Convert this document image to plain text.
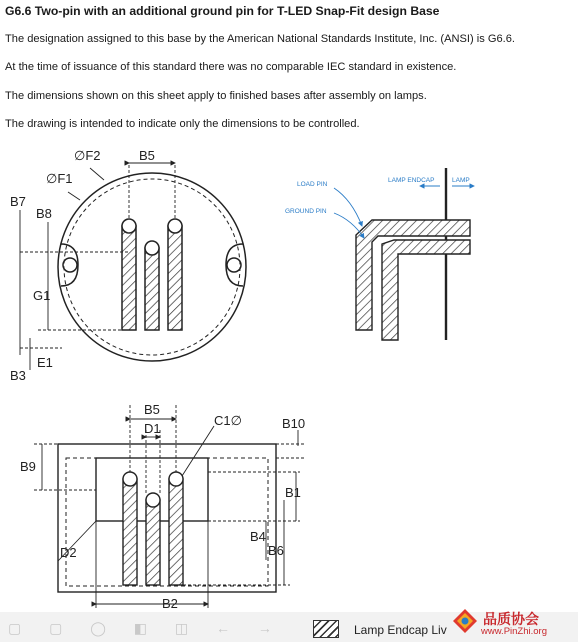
G6.6 Two-pin with an additional ground pin for T-LED Snap-Fit design Base
The designation assigned to this base by the American National Standards Institute, Inc. (ANSI) is G6.6.
At the time of issuance of this standard there was no comparable IEC standard in existence.
The dimensions shown on this sheet apply to finished bases after assembly on lamps.
The drawing is intended to indicate only the dimensions to be controlled.
∅F2	B5
∅F1
B7
B8
G1
E1
B3
LOAD PIN
GROUND PIN
LAMP ENDCAP	LAMP
B5
D1
C1∅	B10
B9
B1
B4
B6
D2
B2
▢ ▢ ◯ ◧ ◫ ← →	Lamp Endcap Liv
品质协会
www.PinZhi.org
